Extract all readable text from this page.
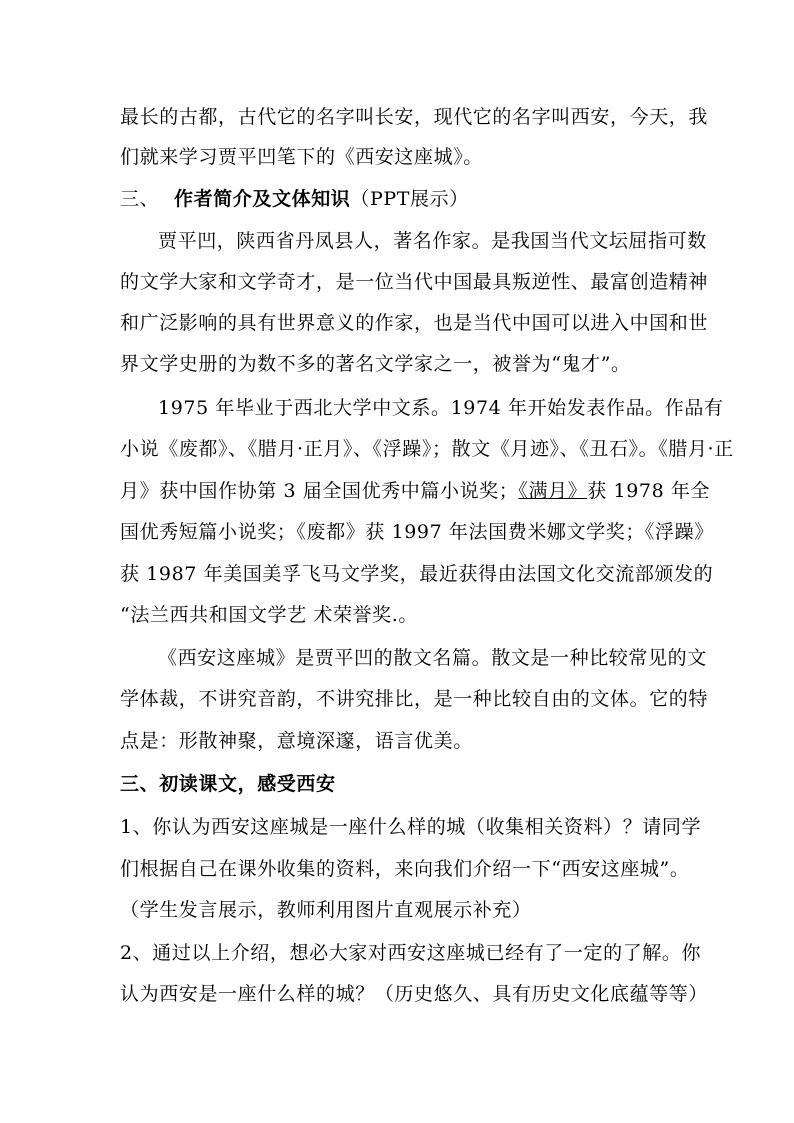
最长的古都，古代它的名字叫长安，现代它的名字叫西安，今天，我
们就来学习贾平凹笔下的《西安这座城》。
三、 作者简介及文体知识（PPT展示）
贾平凹，陕西省丹凤县人，著名作家。是我国当代文坛屈指可数
的文学大家和文学奇才，是一位当代中国最具叛逆性、最富创造精神
和广泛影响的具有世界意义的作家，也是当代中国可以进入中国和世
界文学史册的为数不多的著名文学家之一，被誉为“鬼才”。
1975 年毕业于西北大学中文系。1974 年开始发表作品。作品有
小说《废都》、《腊月·正月》、《浮躁》；散文《月迹》、《丑石》。《腊月·正
月》获中国作协第 3 届全国优秀中篇小说奖；《满月》获 1978 年全
国优秀短篇小说奖；《废都》获 1997 年法国费米娜文学奖；《浮躁》
获 1987 年美国美孚飞马文学奖，最近获得由法国文化交流部颁发的
“法兰西共和国文学艺 术荣誉奖.。
《西安这座城》是贾平凹的散文名篇。散文是一种比较常见的文
学体裁，不讲究音韵，不讲究排比，是一种比较自由的文体。它的特
点是：形散神聚，意境深邃，语言优美。
三、初读课文，感受西安
1、你认为西安这座城是一座什么样的城（收集相关资料）？请同学
们根据自己在课外收集的资料，来向我们介绍一下“西安这座城”。
（学生发言展示，教师利用图片直观展示补充）
2、通过以上介绍，想必大家对西安这座城已经有了一定的了解。你
认为西安是一座什么样的城？（历史悠久、具有历史文化底蕴等等）
